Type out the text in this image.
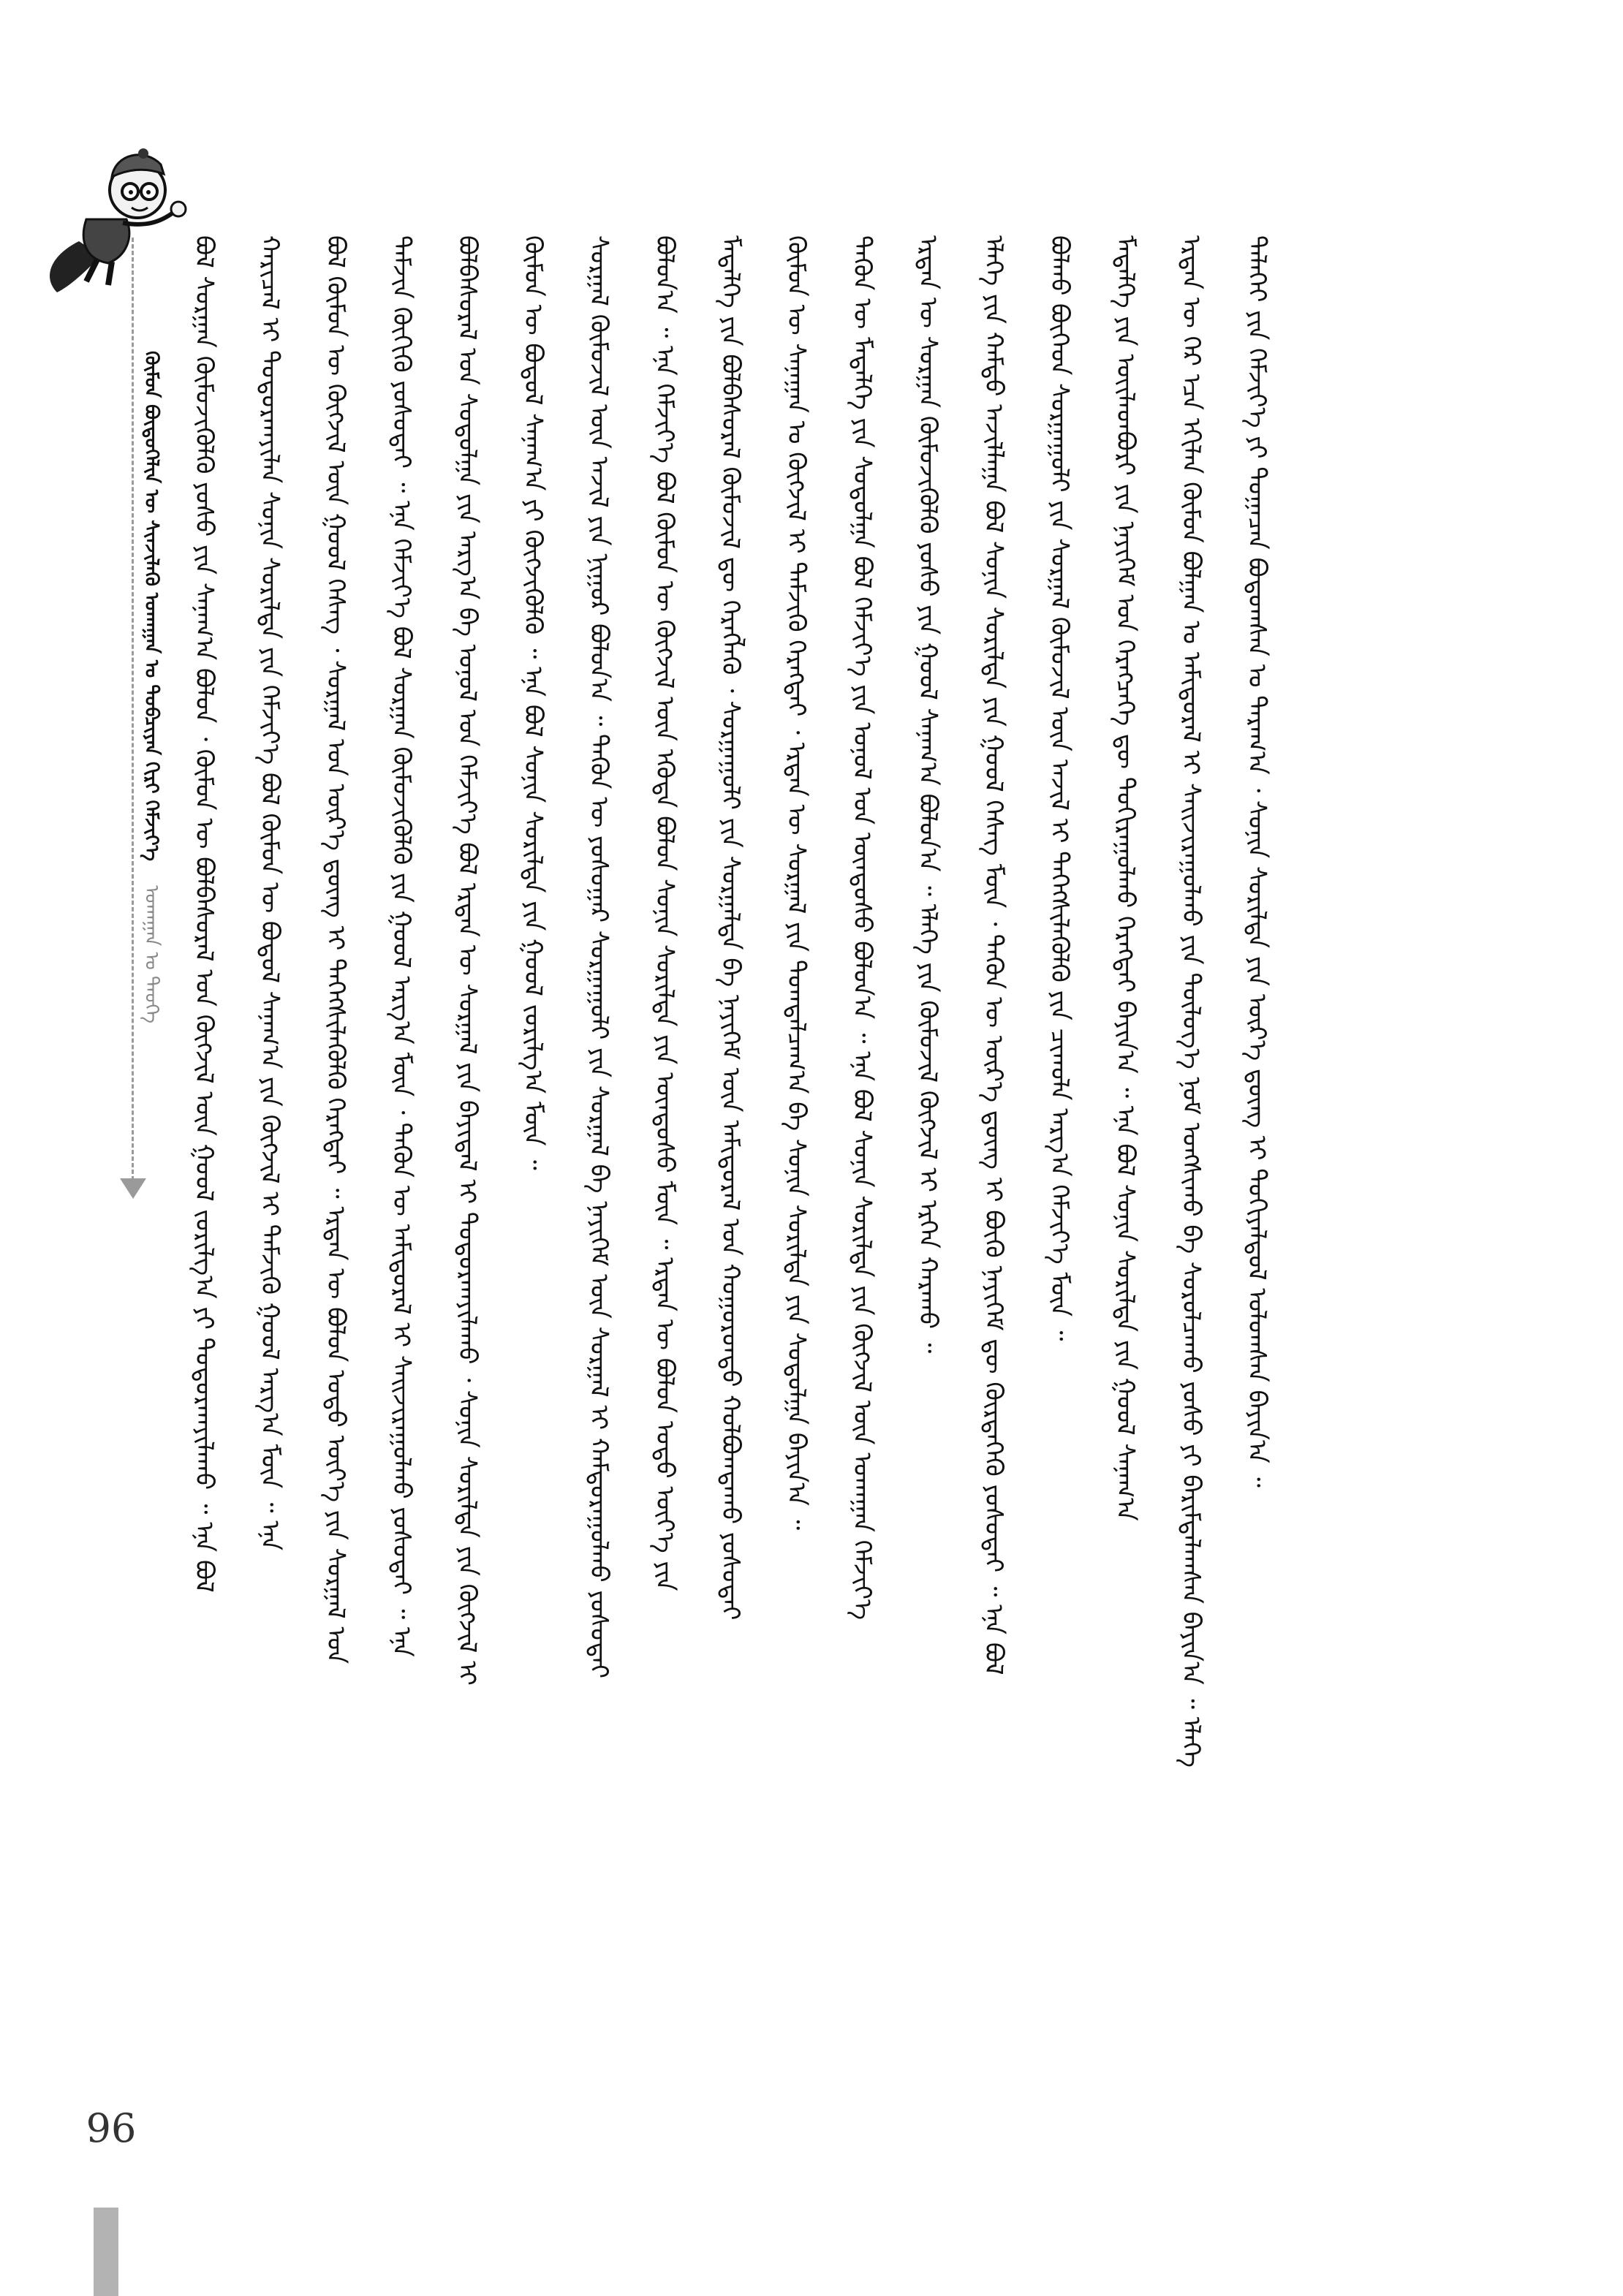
96
ᠬᠦᠮᠦᠨ ᠪᠦᠲᠦᠭᠡᠯᠢᠨ ᠦ ᠰᠢᠨᠵᠢᠯᠡᠬᠦ ᠤᠬᠠᠭᠠᠨ ᠤ ᠲᠣᠪᠴᠢᠶᠠᠨ ᠬᠢᠷᠢ ᠬᠡᠮᠵᠢᠶ᠎ᠡ    ᠤᠬᠠᠭᠠᠨ ᠤ ᠲᠡᠦᠬᠡ ᠪᠣᠯ ᠰᠤᠷᠭᠠᠨ ᠬᠦᠮᠦᠵᠢᠭᠦᠯᠬᠦ ᠶᠣᠰᠣ ᠶᠢᠨ ᠰᠠᠨᠠᠭ᠎ᠠ ᠪᠣᠯᠤᠨ ᠂ ᠬᠦᠮᠦᠨ ᠦ ᠪᠣᠯᠪᠠᠰᠤᠷᠠᠯ ᠤᠨ ᠬᠥᠭᠵᠢᠯ ᠦᠨ ᠭᠣᠣᠯ ᠵᠣᠷᠢᠯᠭ᠎ᠠ ᠶᠢ ᠲᠣᠳᠣᠷᠬᠠᠶᠢᠯᠠᠬᠤ ᠃ ᠡᠨᠡ ᠪᠣᠯ ᠬᠠᠷᠢᠴᠠᠯ ᠢ ᠲᠣᠳᠣᠷᠬᠠᠶᠢᠯᠠᠨ ᠰᠣᠨᠢᠨ ᠰᠣᠷᠢᠯᠲᠠ ᠶᠢᠨ ᠬᠡᠮᠵᠢᠶ᠎ᠡ ᠪᠣᠯ ᠬᠦᠮᠦᠨ ᠦ ᠪᠣᠳᠤᠯ ᠰᠠᠨᠠᠭ᠎ᠠ ᠶᠢᠨ ᠬᠥᠭᠵᠢᠯ ᠢ ᠳᠡᠮᠵᠢᠬᠦ ᠭᠣᠣᠯ ᠠᠷᠭ᠎ᠠ ᠮᠥᠨ ᠃ ᠡᠨᠡ ᠪᠣᠯ ᠬᠦᠮᠦᠨ ᠦ ᠬᠥᠭᠵᠢᠯ ᠦᠨ ᠭᠣᠣᠯ ᠬᠡᠰᠡᠭ ᠂ ᠰᠤᠷᠭᠠᠯ ᠤᠨ ᠦᠷ᠎ᠡ ᠳ᠋ᠦᠩ ᠢ ᠳᠡᠭᠡᠭᠰᠢᠯᠡᠭᠦᠯᠬᠦ ᠬᠡᠷᠡᠭᠲᠡᠢ ᠃ ᠡᠷᠲᠡᠨ ᠦ ᠪᠣᠯᠤᠨ ᠣᠳᠣ ᠦᠶ᠎ᠡ ᠶᠢᠨ ᠰᠤᠷᠭᠠᠯ ᠤᠨ ᠳᠡᠮᠵᠢᠨ ᠬᠥᠬᠢᠬᠦ ᠶᠣᠰᠣᠲᠠᠢ ᠃ ᠡᠨᠡ ᠬᠡᠮᠵᠢᠶ᠎ᠡ ᠪᠣᠯ ᠰᠤᠷᠭᠠᠨ ᠬᠦᠮᠦᠵᠢᠭᠦᠯᠬᠦ ᠶᠢᠨ ᠭᠣᠣᠯ ᠠᠷᠭ᠎ᠠ ᠮᠥᠨ ᠂ ᠲᠡᠭᠦᠨ ᠦ ᠠᠮᠢᠳᠤᠷᠠᠯ ᠢ ᠰᠠᠢᠵᠢᠷᠠᠭᠤᠯᠬᠤ ᠶᠣᠰᠣᠲᠠᠢ ᠃ ᠡᠨᠡ ᠪᠣᠯᠪᠠᠰᠤᠷᠠᠯ ᠤᠨ ᠰᠤᠳᠤᠯᠭᠠ ᠶᠢᠨ ᠠᠷᠭ᠎ᠠ ᠪᠠ ᠣᠨᠣᠯ ᠤᠨ ᠬᠡᠮᠵᠢᠶ᠎ᠡ ᠪᠣᠯ ᠡᠷᠲᠡᠨ ᠦ ᠰᠤᠷᠭᠠᠯ ᠶᠢᠨ ᠪᠠᠶᠢᠳᠠᠯ ᠢ ᠲᠣᠳᠣᠷᠬᠠᠶᠢᠯᠠᠬᠤ ᠂ ᠰᠣᠨᠢᠨ ᠰᠣᠷᠢᠯᠲᠠ ᠶᠢᠨ ᠬᠥᠭᠵᠢᠯ ᠢ ᠬᠦᠮᠦᠨ ᠦ ᠪᠣᠳᠤᠯ ᠰᠠᠨᠠᠭ᠎ᠠ ᠶᠢ ᠬᠥᠭᠵᠢᠭᠦᠯᠬᠦ ᠃ ᠡᠨᠡ ᠪᠣᠯ ᠰᠣᠨᠢᠨ ᠰᠣᠷᠢᠯᠲᠠ ᠶᠢᠨ ᠭᠣᠣᠯ ᠵᠣᠷᠢᠯᠭ᠎ᠠ ᠮᠥᠨ ᠃ ᠰᠤᠷᠭᠠᠯ ᠬᠦᠮᠦᠵᠢᠯ ᠦᠨ ᠠᠵᠢᠯ ᠶᠢᠨ ᠨᠢᠭᠤᠷ ᠪᠣᠯᠤᠨ᠎ᠠ ᠃ ᠲᠡᠭᠦᠨ ᠦ ᠶᠣᠰᠣᠭᠠᠷ ᠰᠤᠷᠭᠠᠭᠤᠯᠢ ᠶᠢᠨ ᠰᠤᠷᠭᠠᠯ ᠪᠠ ᠨᠡᠶᠢᠭᠡᠮ ᠦᠨ ᠰᠤᠷᠭᠠᠯ ᠢ ᠬᠠᠮᠲᠤᠷᠠᠭᠤᠯᠬᠤ ᠶᠣᠰᠣᠲᠠᠢ ᠪᠣᠯᠤᠨ᠎ᠠ ᠃ ᠡᠨᠡ ᠬᠡᠮᠵᠢᠶ᠎ᠡ ᠪᠣᠯ ᠬᠦᠮᠦᠨ ᠦ ᠬᠥᠭᠵᠢᠯ ᠦᠨ ᠡᠭᠦᠳᠡ ᠪᠣᠯᠤᠨ ᠰᠣᠨᠢᠨ ᠰᠣᠷᠢᠯᠲᠠ ᠶᠢᠨ ᠦᠨᠳᠦᠰᠦ ᠮᠥᠨ ᠃ ᠡᠷᠲᠡᠨ ᠦ ᠪᠣᠯᠤᠨ ᠣᠳᠣ ᠦᠶ᠎ᠡ ᠶᠢᠨ ᠮᠡᠳᠡᠯᠭᠡ ᠶᠢᠨ ᠪᠣᠯᠪᠠᠰᠤᠷᠠᠯ ᠬᠦᠮᠦᠵᠢᠯ ᠳᠦ ᠬᠡᠷᠡᠭᠯᠡᠬᠦ ᠂ ᠰᠤᠷᠭᠠᠭᠤᠯᠢ ᠶᠢᠨ ᠰᠤᠷᠭᠠᠯᠲᠠ ᠪᠠ ᠨᠡᠶᠢᠭᠡᠮ ᠦᠨ ᠠᠮᠢᠳᠤᠷᠠᠯ ᠤᠨ ᠬᠣᠭᠣᠷᠣᠨᠳᠤ ᠬᠣᠯᠪᠣᠭᠳᠠᠬᠤ ᠶᠣᠰᠣᠲᠠᠢ ᠬᠦᠮᠦᠨ ᠦ ᠰᠠᠨᠠᠭᠠᠨ ᠤ ᠬᠥᠭᠵᠢᠯ ᠢ ᠳᠡᠮᠵᠢᠬᠦ ᠬᠡᠷᠡᠭᠲᠡᠢ ᠂ ᠡᠷᠲᠡᠨ ᠦ ᠰᠤᠷᠭᠠᠯ ᠶᠢᠨ ᠲᠣᠭᠲᠠᠯᠴᠠᠭ᠎ᠠ ᠪᠠ ᠰᠣᠨᠢᠨ ᠰᠣᠷᠢᠯᠲᠠ ᠶᠢᠨ ᠰᠤᠳᠤᠯᠭᠠ ᠪᠠᠶᠢᠨ᠎ᠠ ᠃ ᠲᠡᠭᠦᠨ ᠦ ᠮᠡᠳᠡᠯᠭᠡ ᠶᠢᠨ ᠰᠤᠳᠤᠯᠭᠠ ᠪᠣᠯ ᠬᠡᠮᠵᠢᠶ᠎ᠡ ᠶᠢᠨ ᠣᠨᠣᠯ ᠤᠨ ᠦᠨᠳᠦᠰᠦ ᠪᠣᠯᠤᠨ᠎ᠠ ᠃ ᠡᠨᠡ ᠪᠣᠯ ᠰᠣᠨᠢᠨ ᠰᠣᠷᠢᠯᠲᠠ ᠶᠢᠨ ᠬᠥᠭᠵᠢᠯ ᠦᠨ ᠤᠬᠠᠭᠠᠨ ᠬᠡᠮᠵᠢᠶ᠎ᠡ ᠡᠷᠲᠡᠨ ᠦ ᠰᠤᠷᠭᠠᠨ ᠬᠦᠮᠦᠵᠢᠭᠦᠯᠬᠦ ᠶᠣᠰᠣ ᠶᠢᠨ ᠭᠣᠣᠯ ᠰᠠᠨᠠᠭ᠎ᠠ ᠪᠣᠯᠤᠨ᠎ᠠ ᠃ ᠡᠯᠡᠭᠡ ᠶᠢᠨ ᠬᠥᠮᠦᠵᠢᠯ ᠬᠥᠭᠵᠢᠯ ᠢ ᠡᠷᠭᠡᠨ ᠬᠠᠷᠠᠬᠤ ᠃ ᠡᠯᠡᠭᠡ ᠶᠢᠨ ᠬᠠᠮᠲᠤ ᠠᠵᠢᠯᠯᠠᠭᠠ ᠪᠣᠯ ᠰᠣᠨᠢᠨ ᠰᠣᠷᠢᠯᠲᠠ ᠶᠢᠨ ᠭᠣᠣᠯ ᠬᠡᠰᠡᠭ ᠮᠥᠨ ᠂ ᠲᠡᠭᠦᠨ ᠦ ᠦᠷ᠎ᠡ ᠳ᠋ᠦᠩ ᠢ ᠪᠦᠬᠦ ᠨᠡᠶᠢᠭᠡᠮ ᠳᠦ ᠬᠦᠷᠲᠡᠭᠡᠬᠦ ᠶᠣᠰᠣᠲᠠᠢ ᠃ ᠡᠨᠡ ᠪᠣᠯ ᠪᠣᠯᠬᠤ ᠪᠥᠭᠡᠳ ᠰᠤᠷᠭᠠᠭᠤᠯᠢ ᠶᠢᠨ ᠰᠤᠷᠭᠠᠯ ᠬᠦᠮᠦᠵᠢᠯ ᠦᠨ ᠠᠵᠢᠯ ᠢ ᠳᠡᠭᠡᠭᠰᠢᠯᠡᠭᠦᠯᠬᠦ ᠶᠢᠨ ᠴᠢᠬᠤᠯᠠ ᠠᠷᠭ᠎ᠠ ᠬᠡᠮᠵᠢᠶ᠎ᠡ ᠮᠥᠨ ᠃ ᠮᠡᠳᠡᠯᠭᠡ ᠶᠢᠨ ᠦᠢᠯᠡᠳᠪᠦᠷᠢ ᠶᠢᠨ ᠨᠡᠶᠢᠭᠡᠮ ᠤᠨ ᠬᠡᠷᠡᠭᠴᠡᠭᠡ ᠳᠦ ᠲᠣᠬᠢᠷᠠᠭᠤᠯᠬᠤ ᠬᠡᠷᠡᠭᠲᠡᠢ ᠪᠠᠶᠢᠨ᠎ᠠ ᠃ ᠡᠨᠡ ᠪᠣᠯ ᠰᠣᠨᠢᠨ ᠰᠣᠷᠢᠯᠲᠠ ᠶᠢᠨ ᠭᠣᠣᠯ ᠰᠠᠨᠠᠭ᠎ᠠ ᠡᠷᠲᠡᠨ ᠦ ᠭᠡᠷ ᠡᠴᠡ ᠡᠬᠢᠯᠡᠨ ᠬᠦᠮᠦᠨ ᠪᠣᠯᠭᠠᠨ ᠤ ᠠᠮᠢᠳᠤᠷᠠᠯ ᠢ ᠰᠠᠢᠵᠢᠷᠠᠭᠤᠯᠬᠤ ᠶᠢᠨ ᠲᠥᠯᠥᠭ᠎ᠡ ᠨᠣᠮ ᠤᠩᠰᠢᠬᠤ ᠪᠠ ᠰᠤᠷᠤᠯᠴᠠᠬᠤ ᠶᠤᠰᠤ ᠶᠢ ᠪᠠᠷᠢᠮᠲᠠᠯᠠᠭᠰᠠᠨ ᠪᠠᠶᠢᠨ᠎ᠠ ᠃ ᠡᠯᠡᠭᠡ ᠳᠡᠯᠡᠬᠡᠢ ᠶᠢᠨ ᠬᠡᠮᠵᠢᠶ᠎ᠡ ᠶᠢ ᠲᠣᠭᠠᠴᠠᠨ ᠪᠣᠳᠣᠭᠰᠠᠨ ᠤ ᠳᠠᠷᠠᠭ᠎ᠠ ᠂ ᠰᠣᠨᠢᠨ ᠰᠣᠷᠢᠯᠲᠠ ᠶᠢᠨ ᠦᠷ᠎ᠡ ᠳ᠋ᠦᠩ ᠢ ᠲᠣᠬᠢᠶᠠᠯᠳᠤᠯ ᠤᠯᠤᠭᠰᠠᠨ ᠪᠠᠶᠢᠨ᠎ᠠ ᠃
